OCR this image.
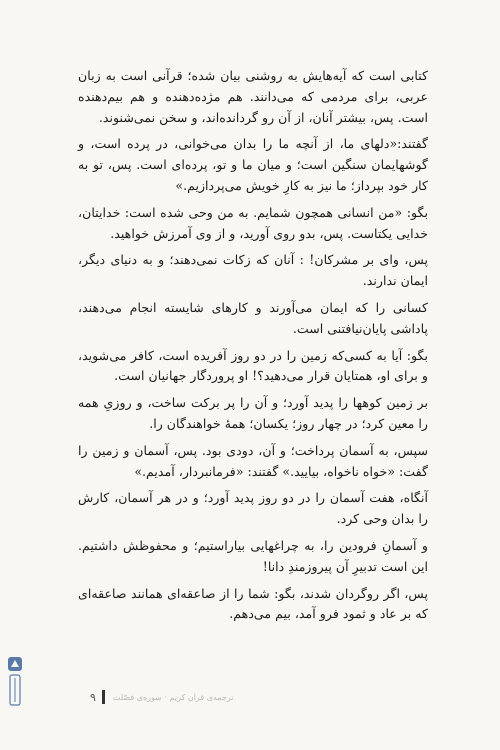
کتابی است که آیه‌هایش به روشنی بیان شده؛ قرآنی است به زبان عربی، برای مردمی که می‌دانند. هم مژده‌دهنده و هم بیم‌دهنده است. پس، بیشتر آنان، از آن رو گردانده‌اند، و سخن نمی‌شنوند.

گفتند:«دلهای ما، از آنچه ما را بدان می‌خوانی، در پرده است، و گوشهایمان سنگین است؛ و میان ما و تو، پرده‌ای است. پس، تو به کار خود بپرداز؛ ما نیز به کارِ خویش می‌پردازیم.»

بگو: «من انسانی همچون شمایم. به من وحی شده است: خدایتان، خدایی یکتاست. پس، بدو روی آورید، و از وی آمرزش خواهید.

پس، وای بر مشرکان! : آنان که زکات نمی‌دهند؛ و به دنیای دیگر، ایمان ندارند.

کسانی را که ایمان می‌آورند و کارهای شایسته انجام می‌دهند، پاداشی پایان‌نیافتنی است.

بگو: آیا به کسی‌که زمین را در دو روز آفریده است، کافر می‌شوید، و برای او، همتایان قرار می‌دهید؟! او پروردگار جهانیان است.

بر زمین کوهها را پدید آورد؛ و آن را پر برکت ساخت، و روزیِ همه را معین کرد؛ در چهار روز؛ یکسان؛ همهٔ خواهندگان را.

سپس، به آسمان پرداخت؛ و آن، دودی بود. پس، آسمان و زمین را گفت: «خواه ناخواه، بیایید.» گفتند: «فرمانبردار، آمدیم.»

آنگاه، هفت آسمان را در دو روز پدید آورد؛ و در هر آسمان، کارش را بدان وحی کرد.

و آسمانِ فرودین را، به چراغهایی بیاراستیم؛ و محفوظش داشتیم. این است تدبیرِ آن پیروزمندِ دانا!

پس، اگر روگردان شدند، بگو: شما را از صاعقه‌ای همانند صاعقه‌ای که بر عاد و ثمود فرو آمد، بیم می‌دهم.

۹ ترجمه‌ی قرآن کریم · سوره‌ی فصّلت
